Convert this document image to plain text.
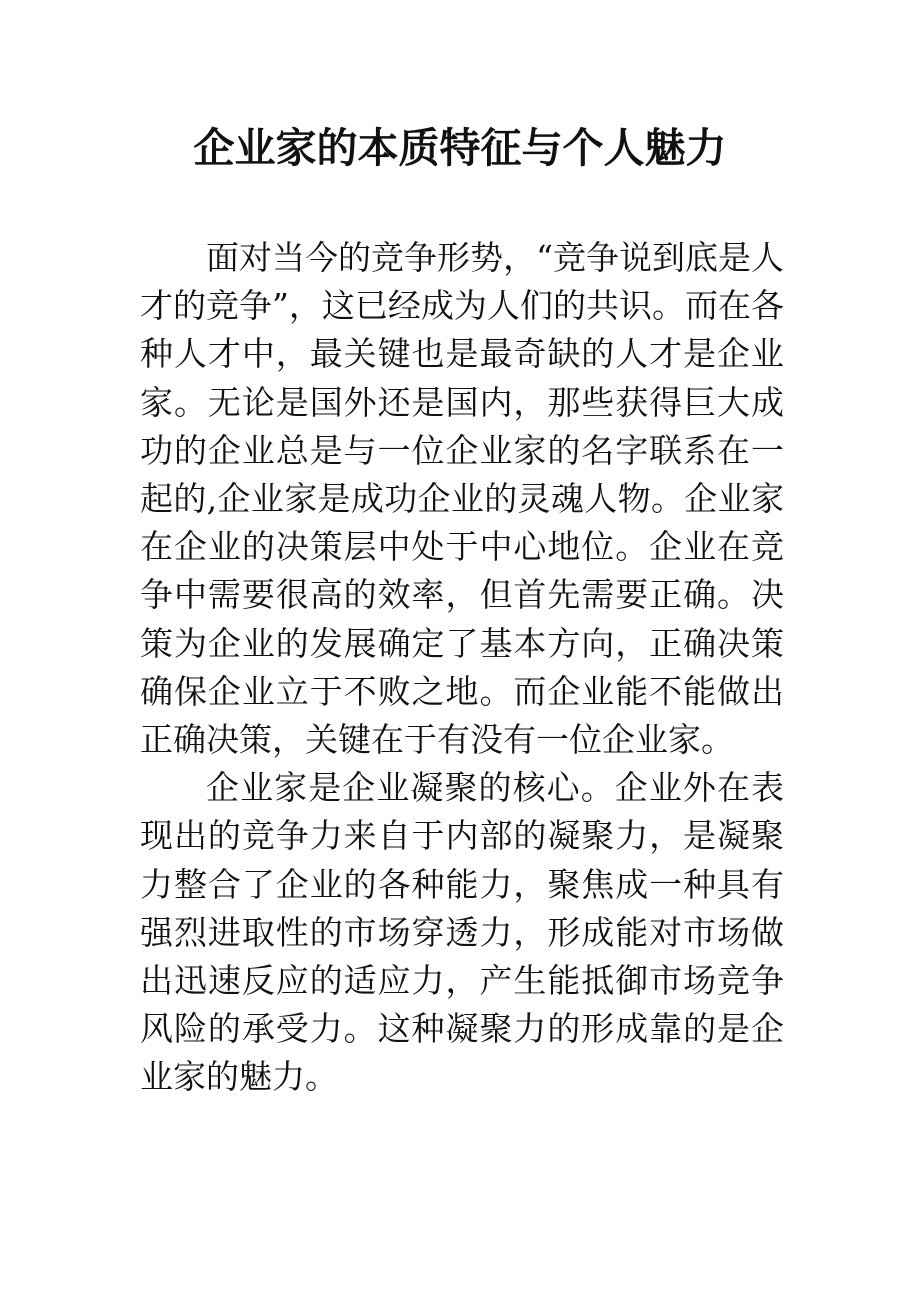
企业家的本质特征与个人魅力

面对当今的竞争形势，“竞争说到底是人才的竞争”，这已经成为人们的共识。而在各种人才中，最关键也是最奇缺的人才是企业家。无论是国外还是国内，那些获得巨大成功的企业总是与一位企业家的名字联系在一起的,企业家是成功企业的灵魂人物。企业家在企业的决策层中处于中心地位。企业在竞争中需要很高的效率，但首先需要正确。决策为企业的发展确定了基本方向，正确决策确保企业立于不败之地。而企业能不能做出正确决策，关键在于有没有一位企业家。

企业家是企业凝聚的核心。企业外在表现出的竞争力来自于内部的凝聚力，是凝聚力整合了企业的各种能力，聚焦成一种具有强烈进取性的市场穿透力，形成能对市场做出迅速反应的适应力，产生能抵御市场竞争风险的承受力。这种凝聚力的形成靠的是企业家的魅力。
